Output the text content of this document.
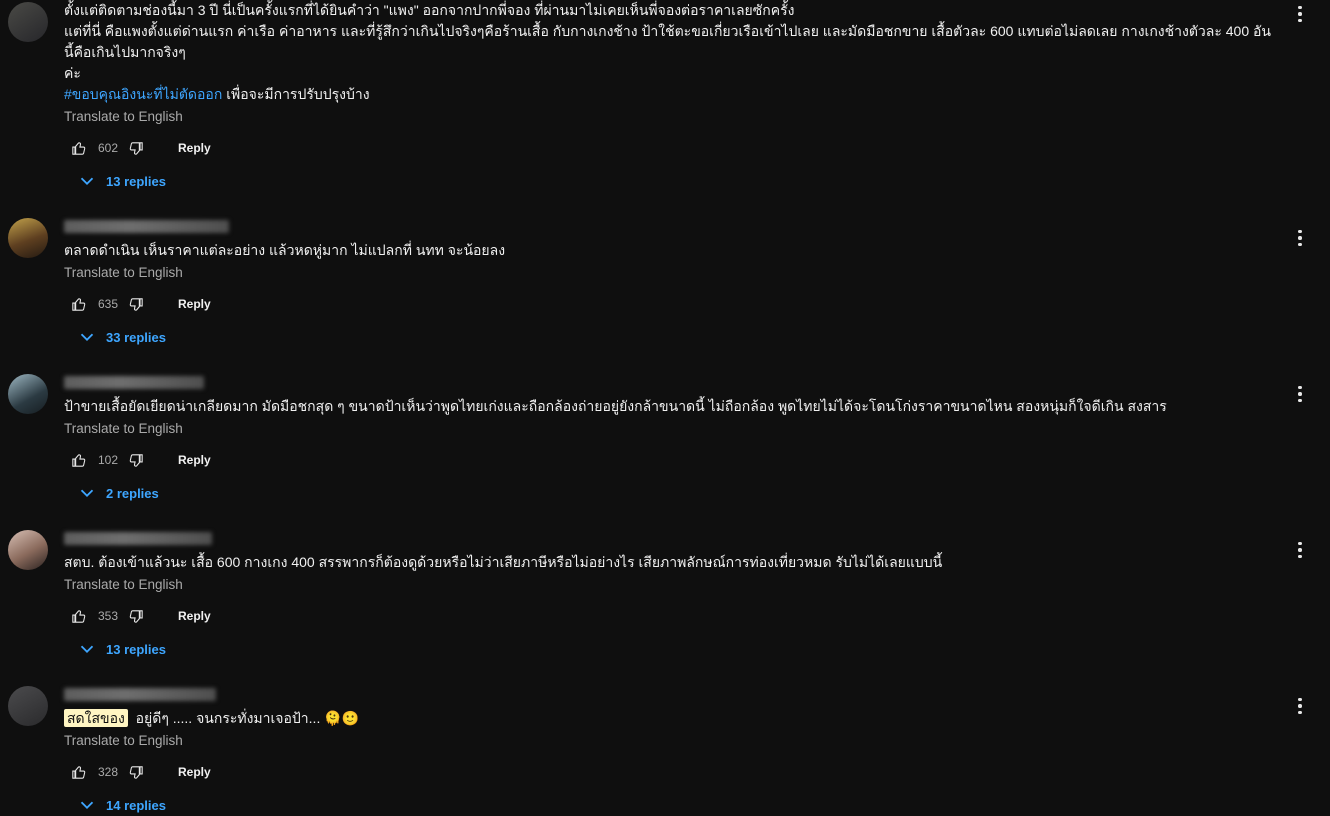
ตั้งแต่ติดตามช่องนี้มา 3 ปี นี่เป็นครั้งแรกที่ได้ยินคำว่า "แพง" ออกจากปากพี่จอง ที่ผ่านมาไม่เคยเห็นพี่จองต่อราคาเลยซักครั้ง
แต่ที่นี่ คือแพงตั้งแต่ด่านแรก ค่าเรือ ค่าอาหาร และที่รู้สึกว่าเกินไปจริงๆคือร้านเสื้อ กับกางเกงช้าง ป้าใช้ตะขอเกี่ยวเรือเข้าไปเลย และมัดมือชกขาย เสื้อตัวละ 600 แทบต่อไม่ลดเลย กางเกงช้างตัวละ 400 อันนี้คือเกินไปมากจริงๆ
ค่ะ
#ขอบคุณอิงนะที่ไม่ตัดออก เพื่อจะมีการปรับปรุงบ้าง
Translate to English
602	Reply
13 replies
ตลาดดำเนิน เห็นราคาแต่ละอย่าง แล้วหดหู่มาก ไม่แปลกที่ นทท จะน้อยลง
Translate to English
635	Reply
33 replies
ป้าขายเสื้อยัดเยียดน่าเกลียดมาก มัดมือชกสุด ๆ ขนาดป้าเห็นว่าพูดไทยเก่งและถือกล้องถ่ายอยู่ยังกล้าขนาดนี้ ไม่ถือกล้อง พูดไทยไม่ได้จะโดนโก่งราคาขนาดไหน สองหนุ่มก็ใจดีเกิน สงสาร
Translate to English
102	Reply
2 replies
สตบ. ต้องเข้าแล้วนะ เสื้อ 600 กางเกง 400 สรรพากรก็ต้องดูด้วยหรือไม่ว่าเสียภาษีหรือไม่อย่างไร เสียภาพลักษณ์การท่องเที่ยวหมด รับไม่ได้เลยแบบนี้
Translate to English
353	Reply
13 replies
สดใสของ  อยู่ดีๆ ..... จนกระทั่งมาเจอป้า... 🫠🙂
Translate to English
328	Reply
14 replies
